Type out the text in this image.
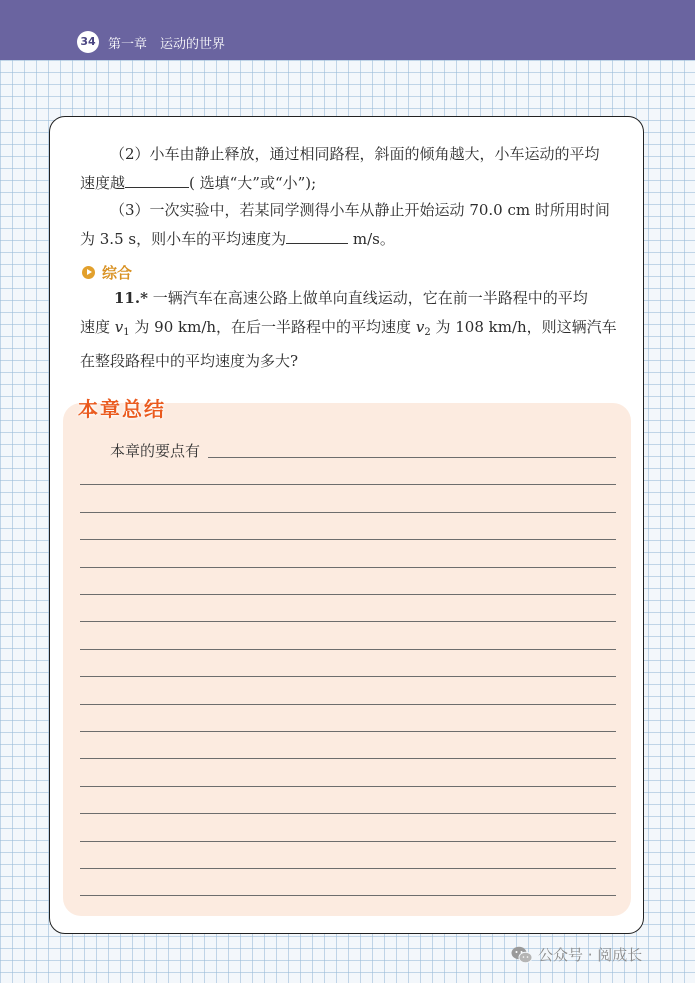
34 第一章　运动的世界

（2）小车由静止释放，通过相同路程，斜面的倾角越大，小车运动的平均
速度越	( 选填“大”或“小”);

（3）一次实验中，若某同学测得小车从静止开始运动 70.0 cm 时所用时间
为 3.5 s，则小车的平均速度为	m/s。

综合

11.* 一辆汽车在高速公路上做单向直线运动，它在前一半路程中的平均
速度 $v_1$ 为 90 km/h，在后一半路程中的平均速度 $v_2$ 为 108 km/h，则这辆汽车
在整段路程中的平均速度为多大?

本章总结
本章的要点有
公众号 · 阅成长
